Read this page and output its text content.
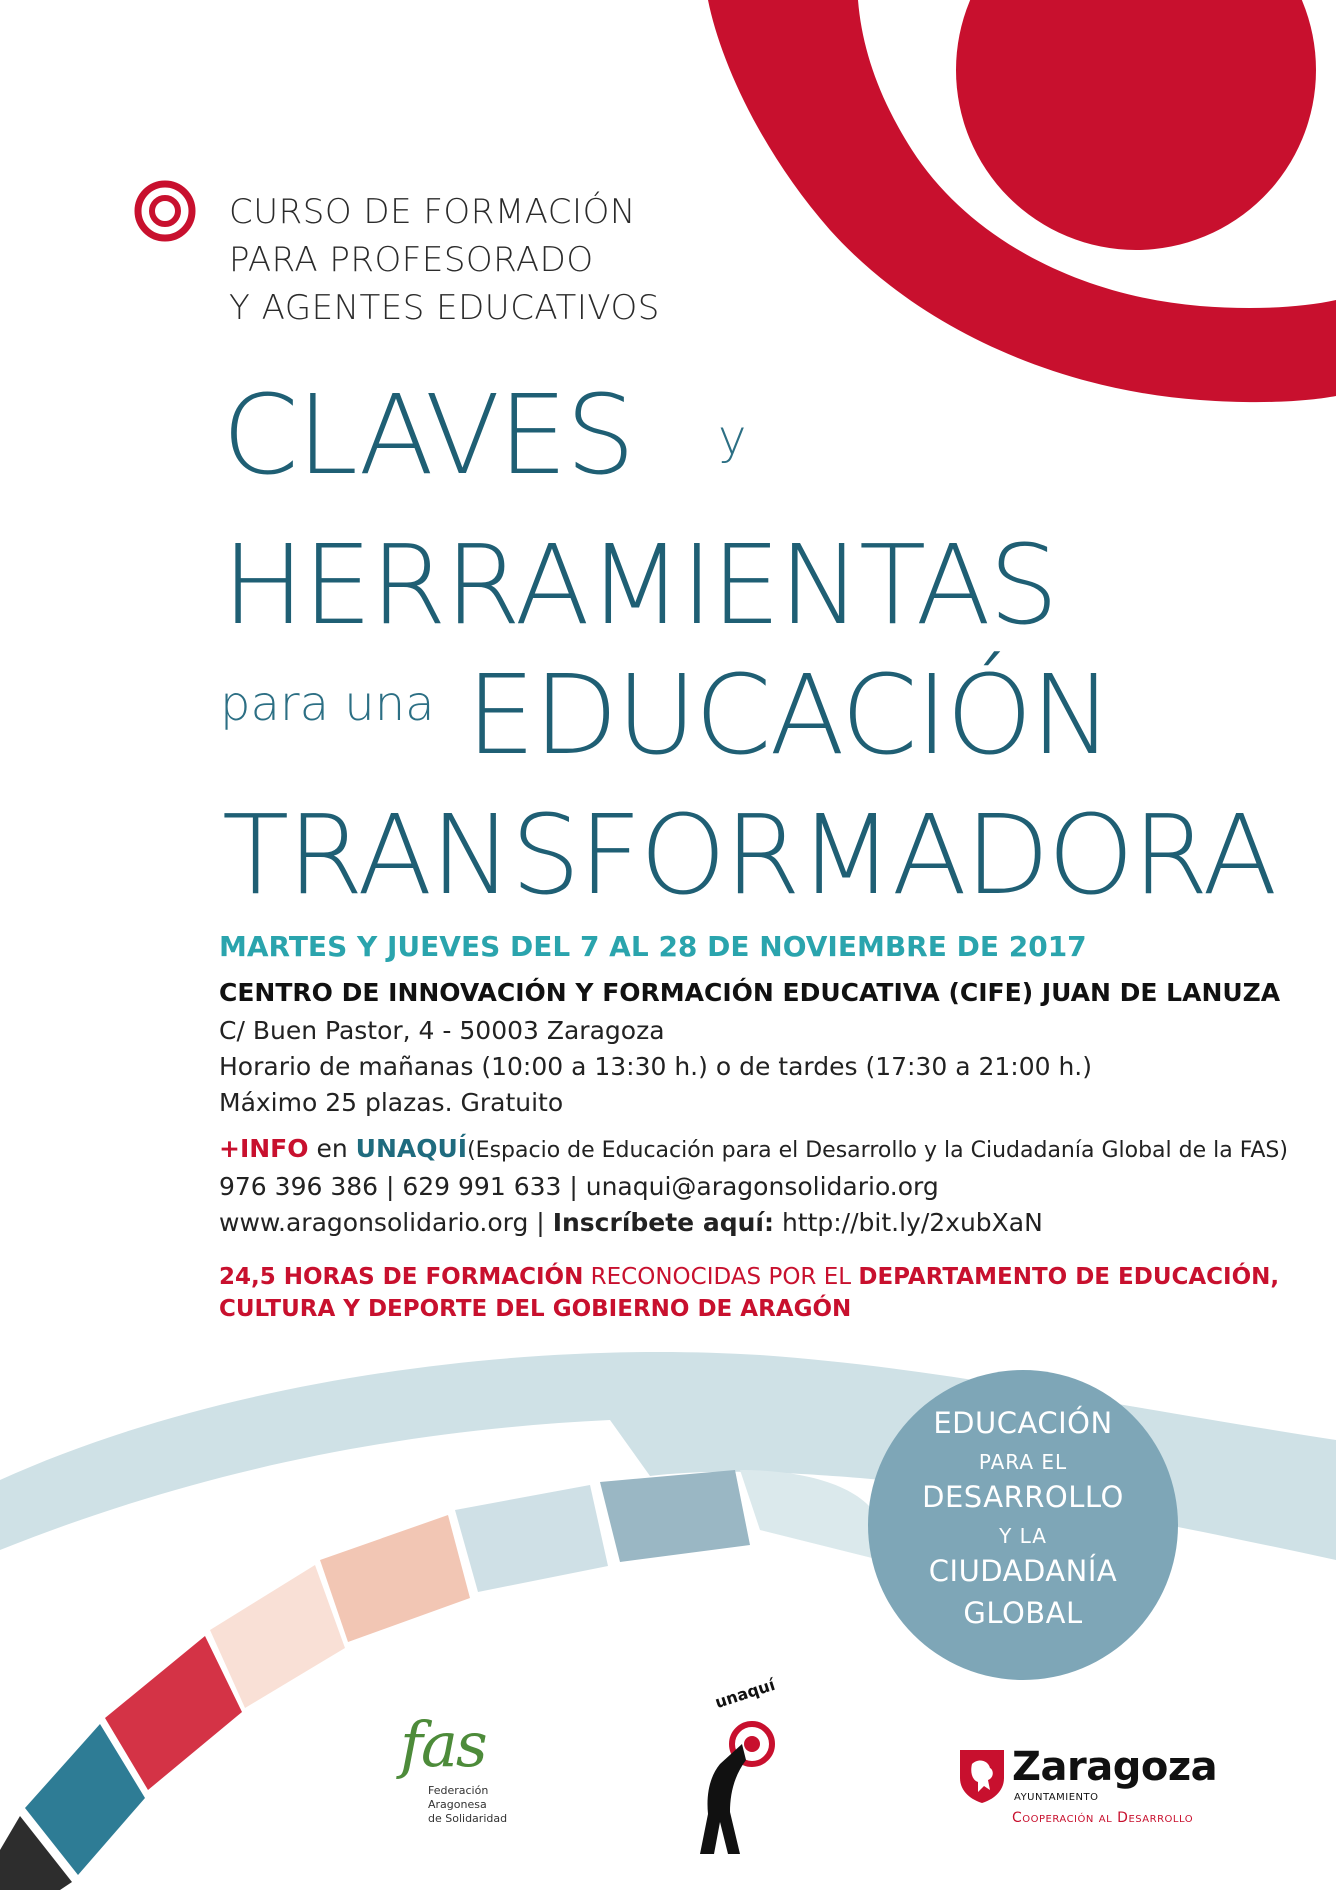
CURSO DE FORMACIÓN
PARA PROFESORADO
Y AGENTES EDUCATIVOS
CLAVES y
HERRAMIENTAS
para una EDUCACIÓN
TRANSFORMADORA
MARTES Y JUEVES DEL 7 AL 28 DE NOVIEMBRE DE 2017
CENTRO DE INNOVACIÓN Y FORMACIÓN EDUCATIVA (CIFE) JUAN DE LANUZA
C/ Buen Pastor, 4 - 50003 Zaragoza
Horario de mañanas (10:00 a 13:30 h.) o de tardes (17:30 a 21:00 h.)
Máximo 25 plazas. Gratuito
+INFO en UNAQUÍ(Espacio de Educación para el Desarrollo y la Ciudadanía Global de la FAS)
976 396 386 | 629 991 633 | unaqui@aragonsolidario.org
www.aragonsolidario.org | Inscríbete aquí: http://bit.ly/2xubXaN
24,5 HORAS DE FORMACIÓN RECONOCIDAS POR EL DEPARTAMENTO DE EDUCACIÓN,
CULTURA Y DEPORTE DEL GOBIERNO DE ARAGÓN
EDUCACIÓN
PARA EL
DESARROLLO
Y LA
CIUDADANÍA
GLOBAL
fas
Federación
Aragonesa
de Solidaridad
unaquí
Zaragoza
AYUNTAMIENTO
Cooperación al Desarrollo
